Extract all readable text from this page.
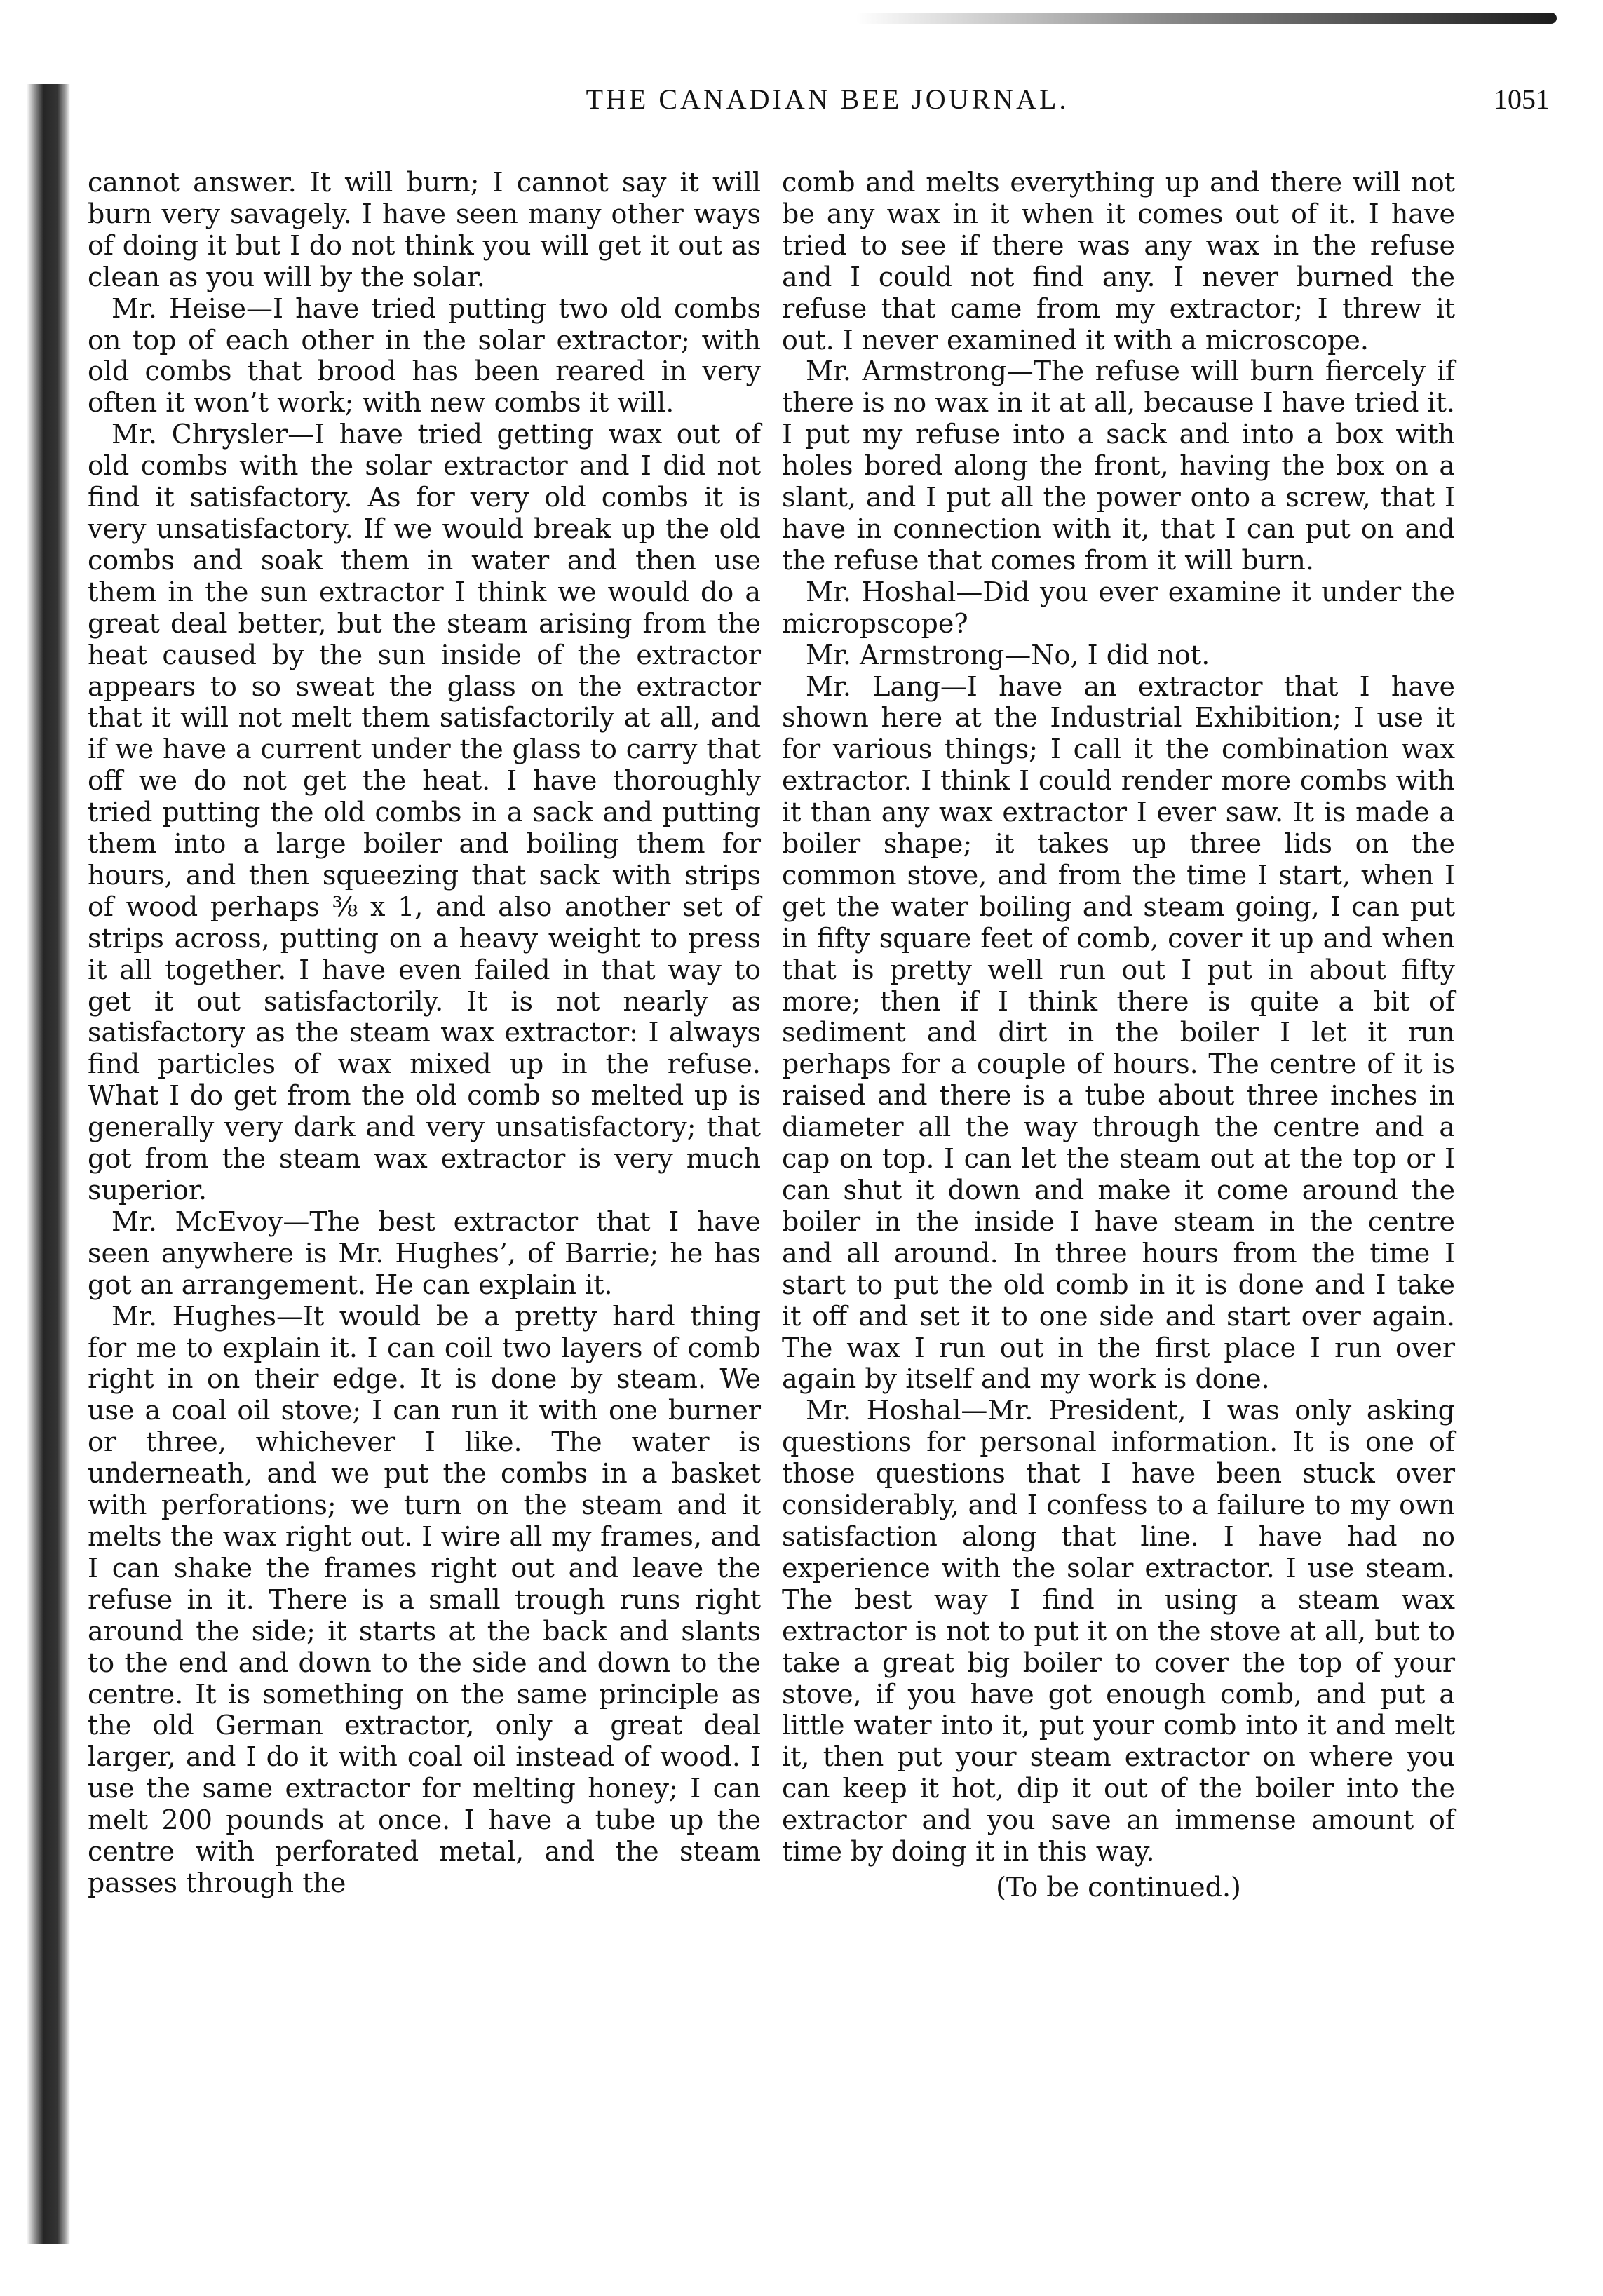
THE CANADIAN BEE JOURNAL.	1051

cannot answer. It will burn; I cannot say it will burn very savagely. I have seen many other ways of doing it but I do not think you will get it out as clean as you will by the solar.

Mr. Heise—I have tried putting two old combs on top of each other in the solar extractor; with old combs that brood has been reared in very often it won’t work; with new combs it will.

Mr. Chrysler—I have tried getting wax out of old combs with the solar extractor and I did not find it satisfactory. As for very old combs it is very unsatisfactory. If we would break up the old combs and soak them in water and then use them in the sun extractor I think we would do a great deal better, but the steam arising from the heat caused by the sun inside of the extractor appears to so sweat the glass on the extractor that it will not melt them satisfactorily at all, and if we have a current under the glass to carry that off we do not get the heat. I have thoroughly tried putting the old combs in a sack and putting them into a large boiler and boiling them for hours, and then squeezing that sack with strips of wood perhaps ⅜ x 1, and also another set of strips across, putting on a heavy weight to press it all together. I have even failed in that way to get it out satisfactorily. It is not nearly as satisfactory as the steam wax extractor: I always find particles of wax mixed up in the refuse. What I do get from the old comb so melted up is generally very dark and very unsatisfactory; that got from the steam wax extractor is very much superior.

Mr. McEvoy—The best extractor that I have seen anywhere is Mr. Hughes’, of Barrie; he has got an arrangement. He can explain it.

Mr. Hughes—It would be a pretty hard thing for me to explain it. I can coil two layers of comb right in on their edge. It is done by steam. We use a coal oil stove; I can run it with one burner or three, whichever I like. The water is underneath, and we put the combs in a basket with perforations; we turn on the steam and it melts the wax right out. I wire all my frames, and I can shake the frames right out and leave the refuse in it. There is a small trough runs right around the side; it starts at the back and slants to the end and down to the side and down to the centre. It is something on the same principle as the old German extractor, only a great deal larger, and I do it with coal oil instead of wood. I use the same extractor for melting honey; I can melt 200 pounds at once. I have a tube up the centre with perforated metal, and the steam passes through the

comb and melts everything up and there will not be any wax in it when it comes out of it. I have tried to see if there was any wax in the refuse and I could not find any. I never burned the refuse that came from my extractor; I threw it out. I never examined it with a microscope.

Mr. Armstrong—The refuse will burn fiercely if there is no wax in it at all, because I have tried it. I put my refuse into a sack and into a box with holes bored along the front, having the box on a slant, and I put all the power onto a screw, that I have in connection with it, that I can put on and the refuse that comes from it will burn.

Mr. Hoshal—Did you ever examine it under the micropscope?

Mr. Armstrong—No, I did not.

Mr. Lang—I have an extractor that I have shown here at the Industrial Exhibition; I use it for various things; I call it the combination wax extractor. I think I could render more combs with it than any wax extractor I ever saw. It is made a boiler shape; it takes up three lids on the common stove, and from the time I start, when I get the water boiling and steam going, I can put in fifty square feet of comb, cover it up and when that is pretty well run out I put in about fifty more; then if I think there is quite a bit of sediment and dirt in the boiler I let it run perhaps for a couple of hours. The centre of it is raised and there is a tube about three inches in diameter all the way through the centre and a cap on top. I can let the steam out at the top or I can shut it down and make it come around the boiler in the inside I have steam in the centre and all around. In three hours from the time I start to put the old comb in it is done and I take it off and set it to one side and start over again. The wax I run out in the first place I run over again by itself and my work is done.

Mr. Hoshal—Mr. President, I was only asking questions for personal information. It is one of those questions that I have been stuck over considerably, and I confess to a failure to my own satisfaction along that line. I have had no experience with the solar extractor. I use steam. The best way I find in using a steam wax extractor is not to put it on the stove at all, but to take a great big boiler to cover the top of your stove, if you have got enough comb, and put a little water into it, put your comb into it and melt it, then put your steam extractor on where you can keep it hot, dip it out of the boiler into the extractor and you save an immense amount of time by doing it in this way.

(To be continued.)
